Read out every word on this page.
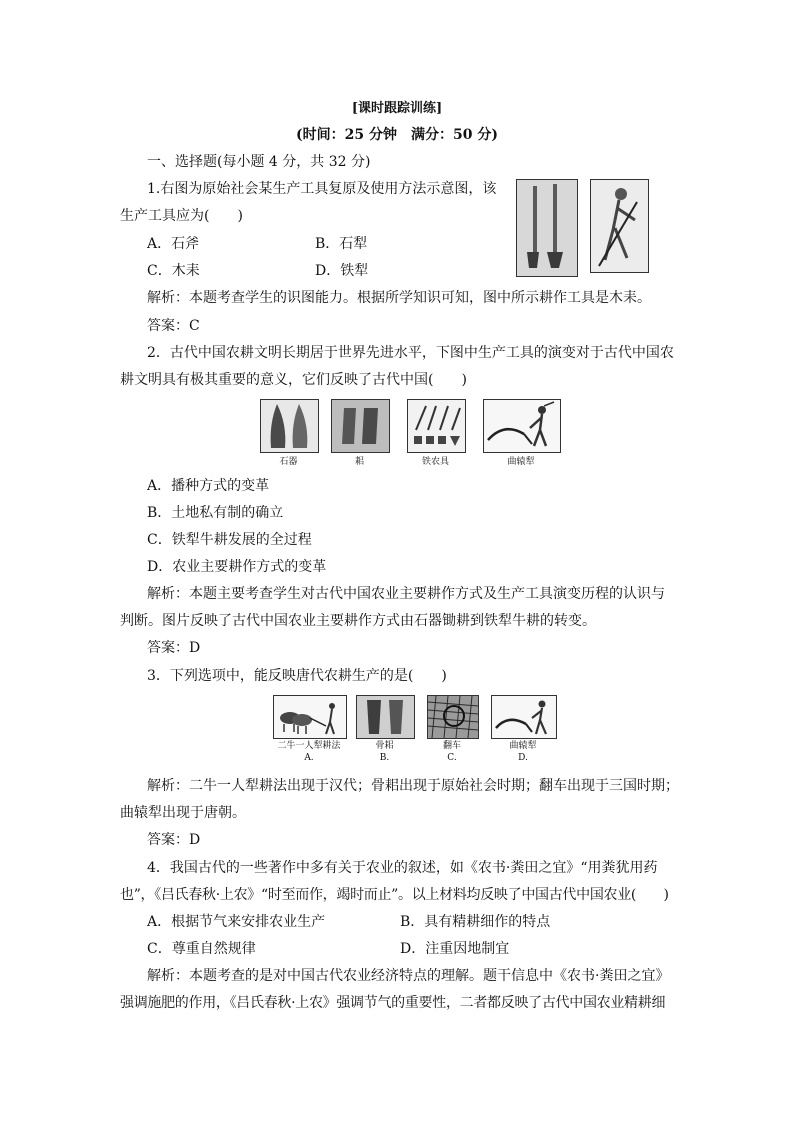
[课时跟踪训练]
(时间：25 分钟　满分：50 分)
一、选择题(每小题 4 分，共 32 分)
1.右图为原始社会某生产工具复原及使用方法示意图，该
生产工具应为(　　)
A．石斧	B．石犁
C．木耒	D．铁犁
解析：本题考查学生的识图能力。根据所学知识可知，图中所示耕作工具是木耒。
答案：C
2．古代中国农耕文明长期居于世界先进水平，下图中生产工具的演变对于古代中国农
耕文明具有极其重要的意义，它们反映了古代中国(　　)
石器	耜	铁农具	曲辕犁
A．播种方式的变革
B．土地私有制的确立
C．铁犁牛耕发展的全过程
D．农业主要耕作方式的变革
解析：本题主要考查学生对古代中国农业主要耕作方式及生产工具演变历程的认识与
判断。图片反映了古代中国农业主要耕作方式由石器锄耕到铁犁牛耕的转变。
答案：D
3．下列选项中，能反映唐代农耕生产的是(　　)
二牛一人犁耕法	骨耜	翻车	曲辕犁
A.	B.	C.	D.
解析：二牛一人犁耕法出现于汉代；骨耜出现于原始社会时期；翻车出现于三国时期；
曲辕犁出现于唐朝。
答案：D
4．我国古代的一些著作中多有关于农业的叙述，如《农书·粪田之宜》“用粪犹用药
也”，《吕氏春秋·上农》“时至而作，竭时而止”。以上材料均反映了中国古代中国农业(　　)
A．根据节气来安排农业生产	B．具有精耕细作的特点
C．尊重自然规律	D．注重因地制宜
解析：本题考查的是对中国古代农业经济特点的理解。题干信息中《农书·粪田之宜》
强调施肥的作用，《吕氏春秋·上农》强调节气的重要性，二者都反映了古代中国农业精耕细
